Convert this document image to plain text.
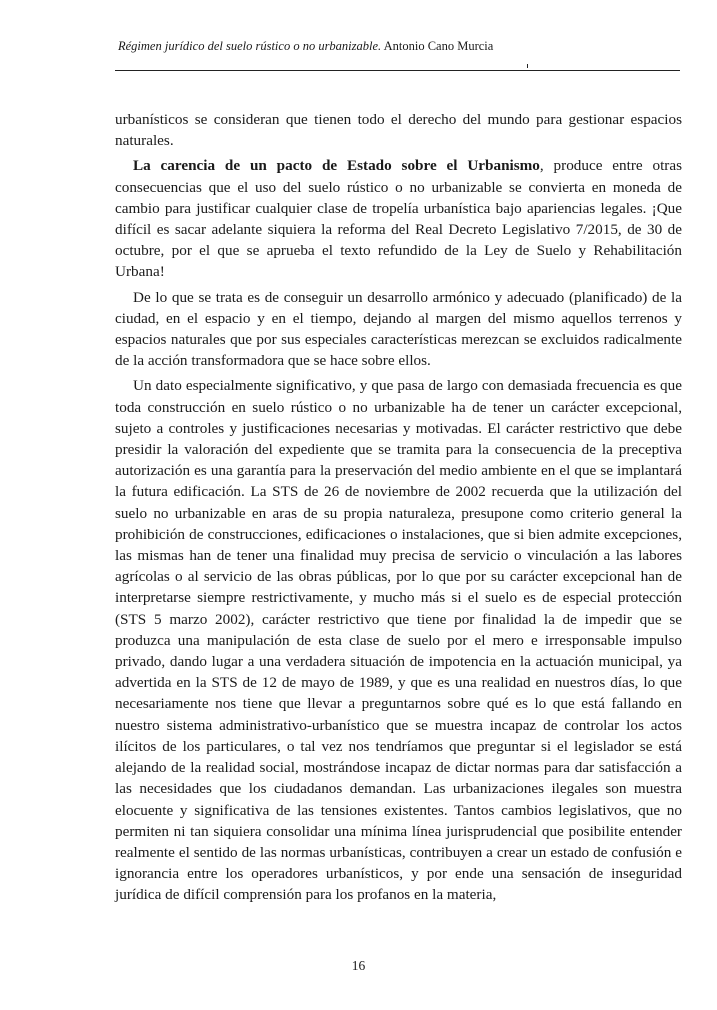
Régimen jurídico del suelo rústico o no urbanizable. Antonio Cano Murcia

urbanísticos se consideran que tienen todo el derecho del mundo para gestionar espacios naturales.

La carencia de un pacto de Estado sobre el Urbanismo, produce entre otras consecuencias que el uso del suelo rústico o no urbanizable se convierta en moneda de cambio para justificar cualquier clase de tropelía urbanística bajo apariencias legales. ¡Que difícil es sacar adelante siquiera la reforma del Real Decreto Legislativo 7/2015, de 30 de octubre, por el que se aprueba el texto refundido de la Ley de Suelo y Rehabilitación Urbana!

De lo que se trata es de conseguir un desarrollo armónico y adecuado (planificado) de la ciudad, en el espacio y en el tiempo, dejando al margen del mismo aquellos terrenos y espacios naturales que por sus especiales características merezcan se excluidos radicalmente de la acción transformadora que se hace sobre ellos.

Un dato especialmente significativo, y que pasa de largo con demasiada frecuencia es que toda construcción en suelo rústico o no urbanizable ha de tener un carácter excepcional, sujeto a controles y justificaciones necesarias y motivadas. El carácter restrictivo que debe presidir la valoración del expediente que se tramita para la consecuencia de la preceptiva autorización es una garantía para la preservación del medio ambiente en el que se implantará la futura edificación. La STS de 26 de noviembre de 2002 recuerda que la utilización del suelo no urbanizable en aras de su propia naturaleza, presupone como criterio general la prohibición de construcciones, edificaciones o instalaciones, que si bien admite excepciones, las mismas han de tener una finalidad muy precisa de servicio o vinculación a las labores agrícolas o al servicio de las obras públicas, por lo que por su carácter excepcional han de interpretarse siempre restrictivamente, y mucho más si el suelo es de especial protección (STS 5 marzo 2002), carácter restrictivo que tiene por finalidad la de impedir que se produzca una manipulación de esta clase de suelo por el mero e irresponsable impulso privado, dando lugar a una verdadera situación de impotencia en la actuación municipal, ya advertida en la STS de 12 de mayo de 1989, y que es una realidad en nuestros días, lo que necesariamente nos tiene que llevar a preguntarnos sobre qué es lo que está fallando en nuestro sistema administrativo-urbanístico que se muestra incapaz de controlar los actos ilícitos de los particulares, o tal vez nos tendríamos que preguntar si el legislador se está alejando de la realidad social, mostrándose incapaz de dictar normas para dar satisfacción a las necesidades que los ciudadanos demandan. Las urbanizaciones ilegales son muestra elocuente y significativa de las tensiones existentes. Tantos cambios legislativos, que no permiten ni tan siquiera consolidar una mínima línea jurisprudencial que posibilite entender realmente el sentido de las normas urbanísticas, contribuyen a crear un estado de confusión e ignorancia entre los operadores urbanísticos, y por ende una sensación de inseguridad jurídica de difícil comprensión para los profanos en la materia,

16
